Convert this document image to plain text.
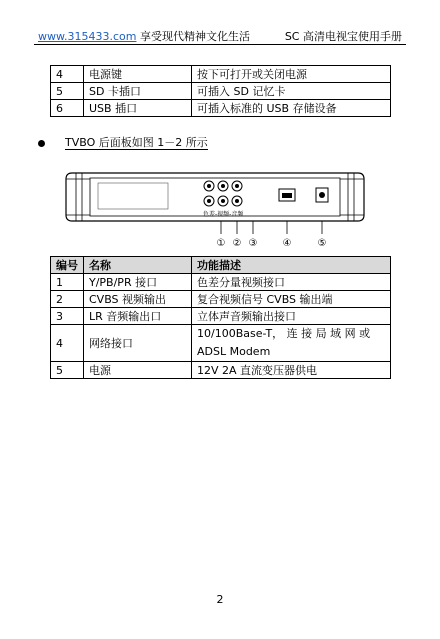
www.315433.com 享受现代精神文化生活	SC 高清电视宝使用手册
4	电源键	按下可打开或关闭电源
5	SD 卡插口	可插入 SD 记忆卡
6	USB 插口	可插入标准的 USB 存储设备
TVBO 后面板如图 1－2 所示
色差-视频-音频
① ② ③	④	⑤
编号	名称	功能描述
1	Y/PB/PR 接口	色差分量视频接口
2	CVBS 视频输出	复合视频信号 CVBS 输出端
3	LR 音频输出口	立体声音频输出接口
4	网络接口	10/100Base-T， 连 接 局 域 网 或 ADSL Modem
5	电源	12V 2A 直流变压器供电
2
